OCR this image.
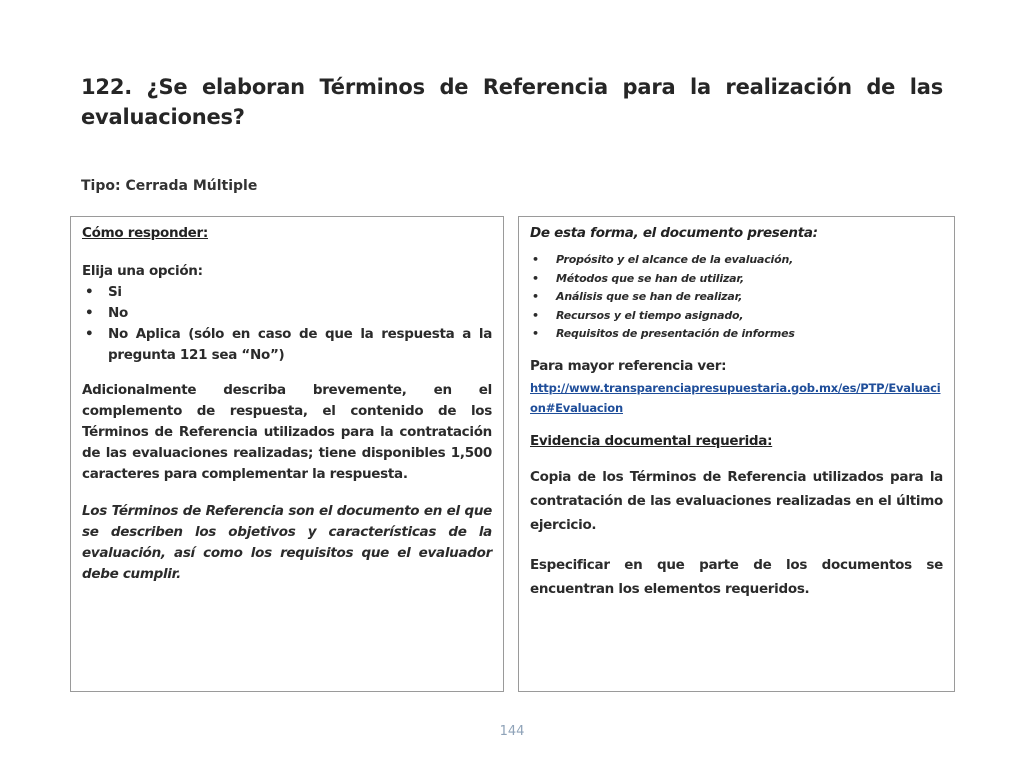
122. ¿Se elaboran Términos de Referencia para la realización de las evaluaciones?

Tipo: Cerrada Múltiple

Cómo responder:

Elija una opción:

• Si
• No
• No Aplica (sólo en caso de que la respuesta a la pregunta 121 sea “No”)

Adicionalmente describa brevemente, en el complemento de respuesta, el contenido de los Términos de Referencia utilizados para la contratación de las evaluaciones realizadas; tiene disponibles 1,500 caracteres para complementar la respuesta.

Los Términos de Referencia son el documento en el que se describen los objetivos y características de la evaluación, así como los requisitos que el evaluador debe cumplir.

De esta forma, el documento presenta:

• Propósito y el alcance de la evaluación,
• Métodos que se han de utilizar,
• Análisis que se han de realizar,
• Recursos y el tiempo asignado,
• Requisitos de presentación de informes

Para mayor referencia ver:

http://www.transparenciapresupuestaria.gob.mx/es/PTP/Evaluacion#Evaluacion

Evidencia documental requerida:

Copia de los Términos de Referencia utilizados para la contratación de las evaluaciones realizadas en el último ejercicio.

Especificar en que parte de los documentos se encuentran los elementos requeridos.

144
